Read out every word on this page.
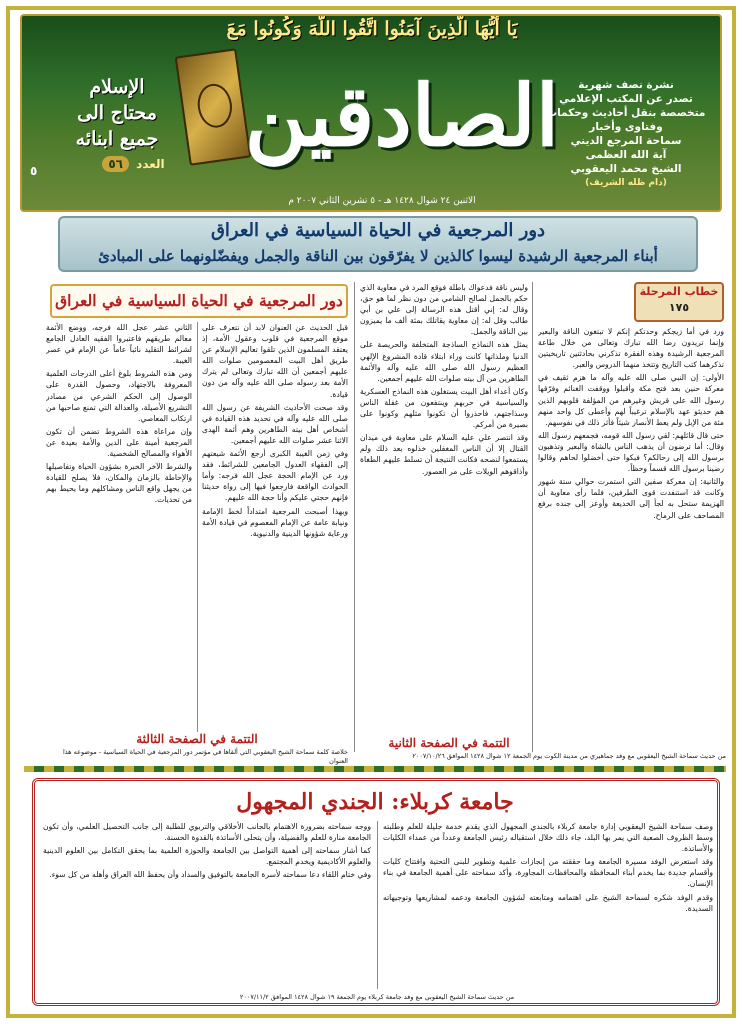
يَا أَيُّهَا الَّذِينَ آمَنُوا اتَّقُوا اللَّهَ وَكُونُوا مَعَ
الصادقين
الإسلام
محتاج الى
جميع ابنائه
العدد ٥٦
٥
الاثنين ٢٤ شوال ١٤٢٨ هـ - ٥ تشرين الثاني ٢٠٠٧ م
نشرة نصف شهرية
تصدر عن المكتب الإعلامي
متخصصة بنقل أحاديث وحكمات
وفتاوى وأخبار
سماحة المرجع الديني
آية الله العظمى
الشيخ محمد اليعقوبي
(دام ظله الشريف)
دور المرجعية في الحياة السياسية في العراق
أبناء المرجعية الرشيدة ليسوا كالذين لا يفرّقون بين الناقة والجمل ويفضّلونهما على المبادئ
خطاب المرحلة
١٧٥

ورد في أما زيجكم وحدتكم إنكم لا تبتغون الناقة والبعير وإنما تريدون رضا الله تبارك وتعالى من خلال طاعة المرجعية الرشيدة وهذه الفقرة تذكرني بحادثتين تاريخيتين تذكرهما كتب التاريخ وتتخذ منهما الدروس والعبر.

الأولى: إن النبي صلى الله عليه وآله ما هزم ثقيف في معركة حنين بعد فتح مكة وأقبلوا ووقفت الغنائم وفرّقها رسول الله على قريش وغيرهم من المؤلفة قلوبهم الذين هم حديثو عهد بالإسلام ترغيباً لهم وأعطى كل واحد منهم مئة من الإبل ولم يعط الأنصار شيئاً فأثر ذلك في نفوسهم.

حتى قال قائلهم: لقي رسول الله قومه، فجمعهم رسول الله وقال: أما ترضون أن يذهب الناس بالشاة والبعير وتذهبون برسول الله إلى رحالكم؟ فبكوا حتى أخضلوا لحاهم وقالوا رضينا برسول الله قسماً وحظاً.

والثانية: إن معركة صفين التي استمرت حوالي ستة شهور وكانت قد استنفدت قوى الطرفين، فلما رأى معاوية أن الهزيمة ستحل به لجأ إلى الخديعة وأوعز إلى جنده برفع المصاحف على الرماح.

التتمة في الصفحة الثانية

وليس ناقة فدعواك باطلة فوقع المرد في معاوية الذي حكم بالجمل لصالح الشامي من دون نظر لما هو حق، وقال له: إني أقتل هذه الرسالة إلى علي بن أبي طالب وقل له: إن معاوية يقاتلك بمئة ألف ما يميزون بين الناقة والجمل.

يمثل هذه النماذج الساذجة المتخلفة والحريصة على الدنيا وملذاتها كانت وراء ابتلاء قادة المشروع الإلهي العظيم رسول الله صلى الله عليه وآله والأئمة الطاهرين من آل بيته صلوات الله عليهم أجمعين.

وكان أعداء أهل البيت يستغلون هذه النماذج العسكرية والسياسية في حربهم وينتفعون من غفلة الناس وسذاجتهم، فاحذروا أن تكونوا مثلهم وكونوا على بصيرة من أمركم.

وقد انتصر علي عليه السلام على معاوية في ميدان القتال إلا أن الناس المغفلين خذلوه بعد ذلك ولم يستمعوا لنصحه فكانت النتيجة أن تسلط عليهم الطغاة وأذاقوهم الويلات على مر العصور.

دور المرجعية في الحياة السياسية في العراق

قبل الحديث عن العنوان لابد أن نتعرف على موقع المرجعية في قلوب وعقول الأمة، إذ يعتقد المسلمون الذين تلقوا تعاليم الإسلام عن طريق أهل البيت المعصومين صلوات الله عليهم أجمعين أن الله تبارك وتعالى لم يترك الأمة بعد رسوله صلى الله عليه وآله من دون قيادة.

وقد صحت الأحاديث الشريفة عن رسول الله صلى الله عليه وآله في تحديد هذه القيادة في أشخاص أهل بيته الطاهرين وهم أئمة الهدى الاثنا عشر صلوات الله عليهم أجمعين.

وفي زمن الغيبة الكبرى أرجع الأئمة شيعتهم إلى الفقهاء العدول الجامعين للشرائط، فقد ورد عن الإمام الحجة عجل الله فرجه: وأما الحوادث الواقعة فارجعوا فيها إلى رواة حديثنا فإنهم حجتي عليكم وأنا حجة الله عليهم.

وبهذا أصبحت المرجعية امتداداً لخط الإمامة ونيابة عامة عن الإمام المعصوم في قيادة الأمة ورعاية شؤونها الدينية والدنيوية.

الثاني عشر عجل الله فرجه، ووضع الأئمة معالم طريقهم فاعتبروا الفقيه العادل الجامع لشرائط التقليد نائباً عاماً عن الإمام في عصر الغيبة.

ومن هذه الشروط بلوغ أعلى الدرجات العلمية المعروفة بالاجتهاد، وحصول القدرة على الوصول إلى الحكم الشرعي من مصادر التشريع الأصيلة، والعدالة التي تمنع صاحبها من ارتكاب المعاصي.

وإن مراعاة هذه الشروط تضمن أن تكون المرجعية أمينة على الدين والأمة بعيدة عن الأهواء والمصالح الشخصية.

والشرط الآخر الخبرة بشؤون الحياة وتفاصيلها والإحاطة بالزمان والمكان، فلا يصلح للقيادة من يجهل واقع الناس ومشاكلهم وما يحيط بهم من تحديات.

التتمة في الصفحة الثالثة
خلاصة كلمة سماحة الشيخ اليعقوبي التي ألقاها في مؤتمر دور المرجعية في الحياة السياسية - موضوعه هذا العنوان
من حديث سماحة الشيخ اليعقوبي مع وفد جماهيري من مدينة الكوت يوم الجمعة ١٢ شوال ١٤٢٨ الموافق ٢٠٠٧/١٠/٢٦
جامعة كربلاء: الجندي المجهول

وصف سماحة الشيخ اليعقوبي إدارة جامعة كربلاء بالجندي المجهول الذي يقدم خدمة جليلة للعلم وطلبته وسط الظروف الصعبة التي يمر بها البلد، جاء ذلك خلال استقباله رئيس الجامعة وعدداً من عمداء الكليات والأساتذة.

وقد استعرض الوفد مسيرة الجامعة وما حققته من إنجازات علمية وتطوير للبنى التحتية وافتتاح كليات وأقسام جديدة بما يخدم أبناء المحافظة والمحافظات المجاورة، وأكد سماحته على أهمية الجامعة في بناء الإنسان.

وقدم الوفد شكره لسماحة الشيخ على اهتمامه ومتابعته لشؤون الجامعة ودعمه لمشاريعها وتوجيهاته السديدة.

ووجه سماحته بضرورة الاهتمام بالجانب الأخلاقي والتربوي للطلبة إلى جانب التحصيل العلمي، وأن تكون الجامعة منارة للعلم والفضيلة، وأن يتحلى الأساتذة بالقدوة الحسنة.

كما أشار سماحته إلى أهمية التواصل بين الجامعة والحوزة العلمية بما يحقق التكامل بين العلوم الدينية والعلوم الأكاديمية ويخدم المجتمع.

وفي ختام اللقاء دعا سماحته لأسرة الجامعة بالتوفيق والسداد وأن يحفظ الله العراق وأهله من كل سوء.

من حديث سماحة الشيخ اليعقوبي مع وفد جامعة كربلاء يوم الجمعة ١٩ شوال ١٤٢٨ الموافق ٢٠٠٧/١١/٢
